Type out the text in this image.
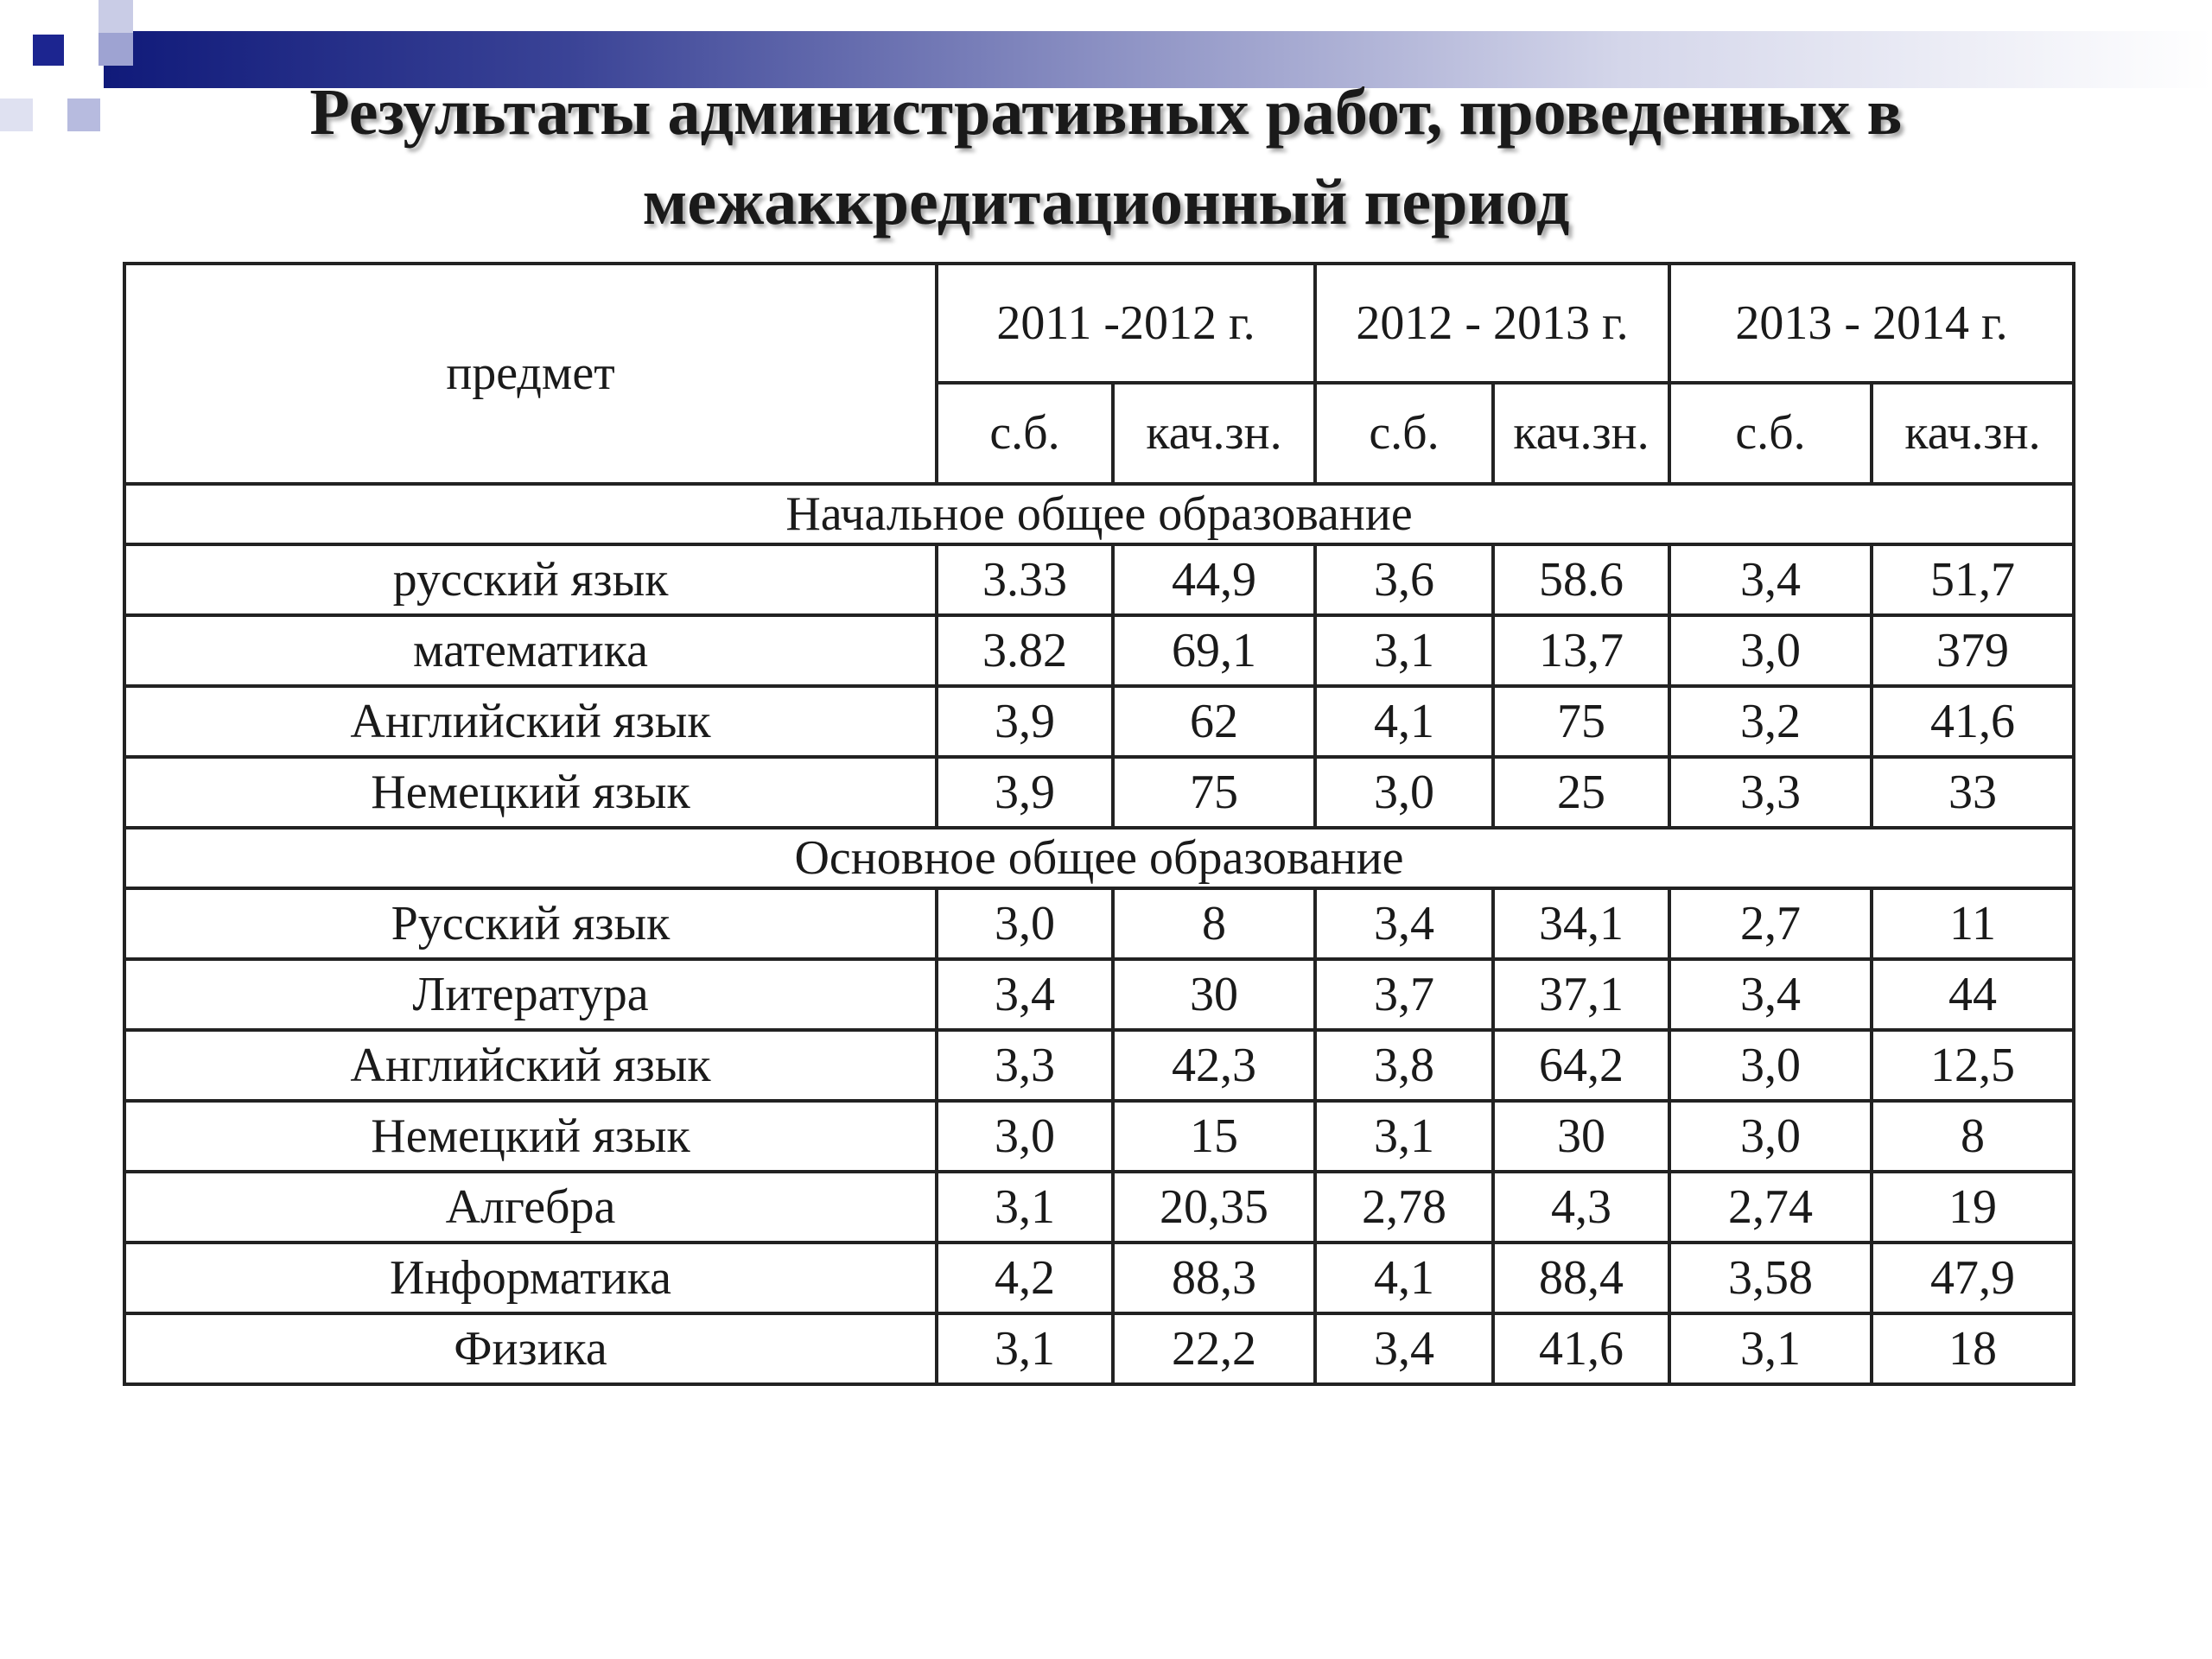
Результаты административных работ, проведенных в
межаккредитационный период
предмет	2011 -2012 г.		2012 - 2013 г.		2013 - 2014 г.	
	с.б.	кач.зн.	с.б.	кач.зн.	с.б.	кач.зн.
Начальное общее образование						
русский язык	3.33	44,9	3,6	58.6	3,4	51,7
математика	3.82	69,1	3,1	13,7	3,0	379
Английский язык	3,9	62	4,1	75	3,2	41,6
Немецкий язык	3,9	75	3,0	25	3,3	33
Основное общее образование						
Русский язык	3,0	8	3,4	34,1	2,7	11
Литература	3,4	30	3,7	37,1	3,4	44
Английский язык	3,3	42,3	3,8	64,2	3,0	12,5
Немецкий язык	3,0	15	3,1	30	3,0	8
Алгебра	3,1	20,35	2,78	4,3	2,74	19
Информатика	4,2	88,3	4,1	88,4	3,58	47,9
Физика	3,1	22,2	3,4	41,6	3,1	18
